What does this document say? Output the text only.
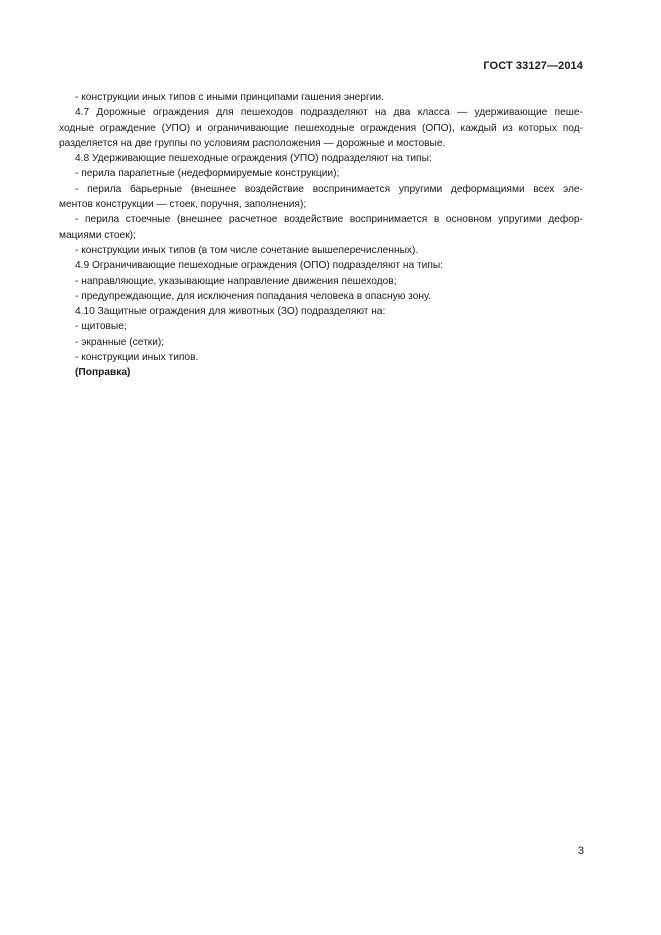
ГОСТ 33127—2014
- конструкции иных типов с иными принципами гашения энергии.
4.7 Дорожные ограждения для пешеходов подразделяют на два класса — удерживающие пеше-
ходные ограждение (УПО) и ограничивающие пешеходные ограждения (ОПО), каждый из которых под-
разделяется на две группы по условиям расположения — дорожные и мостовые.
4.8 Удерживающие пешеходные ограждения (УПО) подразделяют на типы:
- перила парапетные (недеформируемые конструкции);
- перила барьерные (внешнее воздействие воспринимается упругими деформациями всех эле-
ментов конструкции — стоек, поручня, заполнения);
- перила стоечные (внешнее расчетное воздействие воспринимается в основном упругими дефор-
мациями стоек);
- конструкции иных типов (в том числе сочетание вышеперечисленных).
4.9 Ограничивающие пешеходные ограждения (ОПО) подразделяют на типы:
- направляющие, указывающие направление движения пешеходов;
- предупреждающие, для исключения попадания человека в опасную зону.
4.10 Защитные ограждения для животных (ЗО) подразделяют на:
- щитовые;
- экранные (сетки);
- конструкции иных типов.
(Поправка)
3
